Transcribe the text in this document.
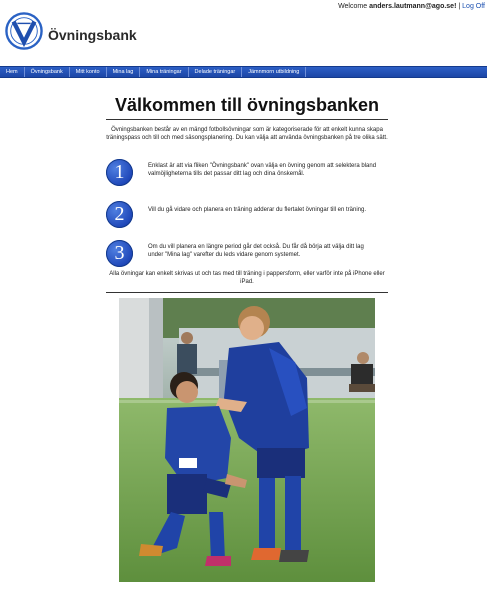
Övningsbank
Welcome anders.lautmann@ago.se! | Log Off
Hem	Övningsbank	Mitt konto	Mina lag	Mina träningar	Delade träningar	Jämnmorn utbildning
Välkommen till övningsbanken
Övningsbanken består av en mängd fotbollsövningar som är kategoriserade för att enkelt kunna skapa träningspass och till och med säsongsplanering. Du kan välja att använda övningsbanken på tre olika sätt.
1	Enklast är att via fliken "Övningsbank" ovan välja en övning genom att selektera bland valmöjligheterna tills det passar ditt lag och dina önskemål.
2	Vill du gå vidare och planera en träning adderar du flertalet övningar till en träning.
3	Om du vill planera en längre period går det också. Du får då börja att välja ditt lag under "Mina lag" varefter du leds vidare genom systemet.
Alla övningar kan enkelt skrivas ut och tas med till träning i pappersform, eller varför inte på iPhone eller iPad.
